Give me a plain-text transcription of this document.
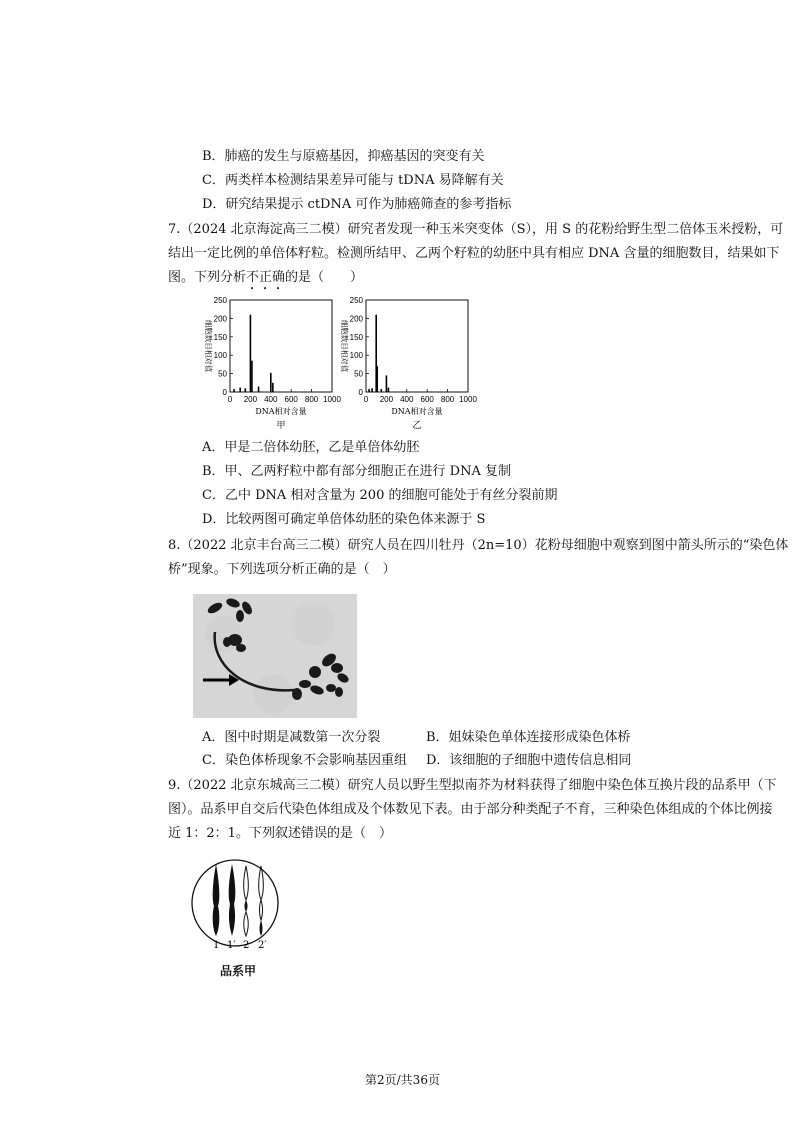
B．肺癌的发生与原癌基因，抑癌基因的突变有关
C．两类样本检测结果差异可能与 tDNA 易降解有关
D．研究结果提示 ctDNA 可作为肺癌筛查的参考指标
7.（2024 北京海淀高三二模）研究者发现一种玉米突变体（S），用 S 的花粉给野生型二倍体玉米授粉，可
结出一定比例的单倍体籽粒。检测所结甲、乙两个籽粒的幼胚中具有相应 DNA 含量的细胞数目，结果如下
图。下列分析不正确的是（　　）
0
50
100
150
200
250
0 200 400 600 800 1000
细胞数目相对值
DNA相对含量
甲
0
50
100
150
200
250
0 200 400 600 800 1000
细胞数目相对值
DNA相对含量
乙
A．甲是二倍体幼胚，乙是单倍体幼胚
B．甲、乙两籽粒中都有部分细胞正在进行 DNA 复制
C．乙中 DNA 相对含量为 200 的细胞可能处于有丝分裂前期
D．比较两图可确定单倍体幼胚的染色体来源于 S
8.（2022 北京丰台高三二模）研究人员在四川牡丹（2n=10）花粉母细胞中观察到图中箭头所示的“染色体
桥”现象。下列选项分析正确的是（　）
A．图中时期是减数第一次分裂	B．姐妹染色单体连接形成染色体桥
C．染色体桥现象不会影响基因重组 D．该细胞的子细胞中遗传信息相同
9.（2022 北京东城高三二模）研究人员以野生型拟南芥为材料获得了细胞中染色体互换片段的品系甲（下
图）。品系甲自交后代染色体组成及个体数见下表。由于部分种类配子不育，三种染色体组成的个体比例接
近 1：2：1。下列叙述错误的是（　）
1 1′ 2 2′
品系甲
第2页/共36页
